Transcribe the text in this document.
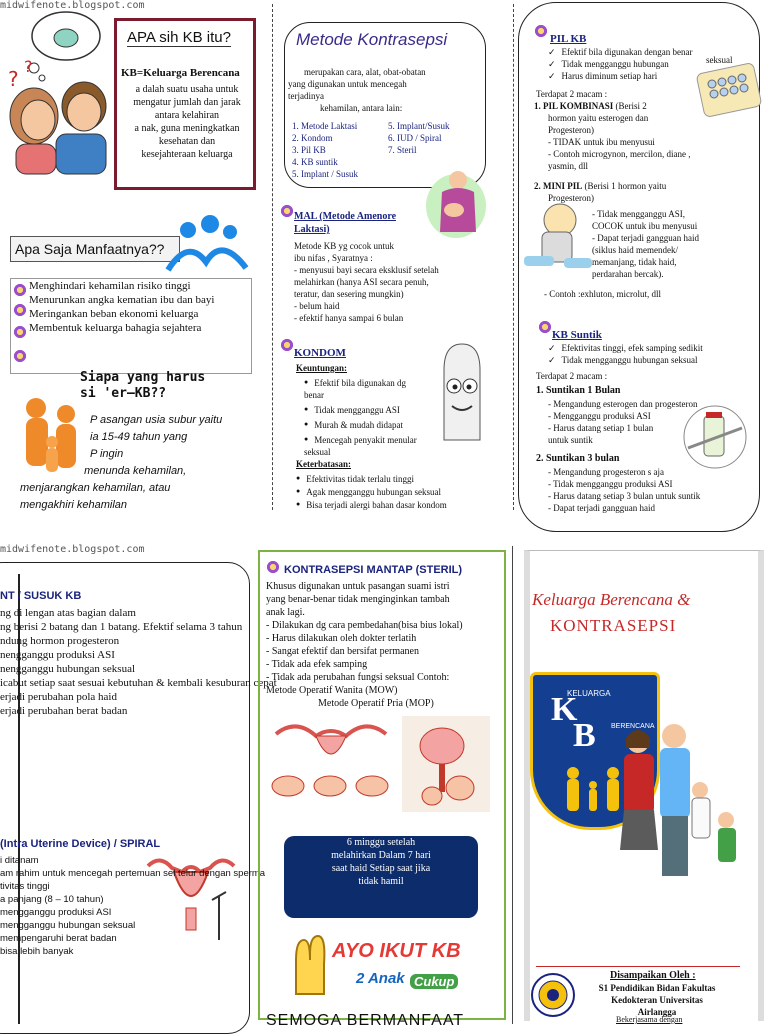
midwifenote.blogspot.com
?
?
APA sih KB itu?
KB=Keluarga Berencana
a dalah suatu usaha untuk
mengatur jumlah dan jarak
antara kelahiran
a nak, guna meningkatkan
kesehatan dan
kesejahteraan keluarga
Apa Saja Manfaatnya??
Menghindari kehamilan risiko tinggi
Menurunkan angka kematian ibu dan bayi
Meringankan beban ekonomi keluarga
Membentuk keluarga bahagia sejahtera
Siapa yang harus
si 'er—KB??
P asangan usia subur yaitu
ia 15-49 tahun yang
P ingin
menunda kehamilan,
menjarangkan kehamilan, atau
mengakhiri kehamilan
Metode Kontrasepsi
merupakan cara, alat, obat-obatan
yang digunakan untuk mencegah
terjadinya
kehamilan, antara lain:
1. Metode Laktasi
2. Kondom
3. Pil KB
4. KB suntik
5. Implant / Susuk
5. Implant/Susuk
6. IUD / Spiral
7. Steril
MAL (Metode Amenore
Laktasi)
Metode KB yg cocok untuk
ibu nifas , Syaratnya :
- menyusui bayi secara eksklusif setelah
melahirkan (hanya ASI secara penuh,
teratur, dan sesering mungkin)
- belum haid
- efektif hanya sampai 6 bulan
KONDOM
Keuntungan:
● Efektif bila digunakan dg benar
● Tidak mengganggu ASI
● Murah & mudah didapat
● Mencegah penyakit menular seksual
Keterbatasan:
● Efektivitas tidak terlalu tinggi
● Agak mengganggu hubungan seksual
● Bisa terjadi alergi bahan dasar kondom
PIL KB
✓ Efektif bila digunakan dengan benar
✓ Tidak mengganggu hubungan
✓ Harus diminum setiap hari
seksual
Terdapat 2 macam :
1. PIL KOMBINASI (Berisi 2
hormon yaitu esterogen dan
Progesteron)
- TIDAK untuk ibu menyusui
- Contoh microgynon, mercilon, diane ,
yasmin, dll
2. MINI PIL (Berisi 1 hormon yaitu
Progesteron)
- Tidak mengganggu ASI,
COCOK untuk ibu menyusui
- Dapat terjadi gangguan haid
(siklus haid memendek/
memanjang, tidak haid,
perdarahan bercak).
- Contoh :exhluton, microlut, dll
KB Suntik
✓ Efektivitas tinggi, efek samping sedikit
✓ Tidak mengganggu hubungan seksual
Terdapat 2 macam :
1. Suntikan 1 Bulan
- Mengandung esterogen dan progesteron
- Mengganggu produksi ASI
- Harus datang setiap 1 bulan
untuk suntik
2. Suntikan 3 bulan
- Mengandung progesteron s aja
- Tidak mengganggu produksi ASI
- Harus datang setiap 3 bulan untuk suntik
- Dapat terjadi gangguan haid
midwifenote.blogspot.com
NT / SUSUK KB
ng di lengan atas bagian dalam
ng berisi 2 batang dan 1 batang. Efektif selama 3 tahun
ndung hormon progesteron
nengganggu produksi ASI
nengganggu hubungan seksual
icabut setiap saat sesuai kebutuhan & kembali kesuburan cepat
erjadi perubahan pola haid
erjadi perubahan berat badan
(Intra Uterine Device) / SPIRAL
i ditanam
am rahim untuk mencegah pertemuan sel telur dengan sperma
tivitas tinggi
a panjang (8 – 10 tahun)
mengganggu produksi ASI
mengganggu hubungan seksual
mempengaruhi berat badan
bisa lebih banyak
KONTRASEPSI MANTAP (STERIL)
Khusus digunakan untuk pasangan suami istri
yang benar-benar tidak menginginkan tambah
anak lagi.
- Dilakukan dg cara pembedahan(bisa bius lokal)
- Harus dilakukan oleh dokter terlatih
- Sangat efektif dan bersifat permanen
- Tidak ada efek samping
- Tidak ada perubahan fungsi seksual Contoh:
Metode Operatif Wanita (MOW)
Metode Operatif Pria (MOP)
6 minggu setelah
melahirkan Dalam 7 hari
saat haid Setiap saat jika
tidak hamil
AYO IKUT KB
2 Anak Cukup
SEMOGA BERMANFAAT
Keluarga Berencana &
KONTRASEPSI
KELUARGA
K
B BERENCANA
Disampaikan Oleh :
S1 Pendidikan Bidan Fakultas
Kedokteran Universitas
Airlangga
Bekerjasama dengan
